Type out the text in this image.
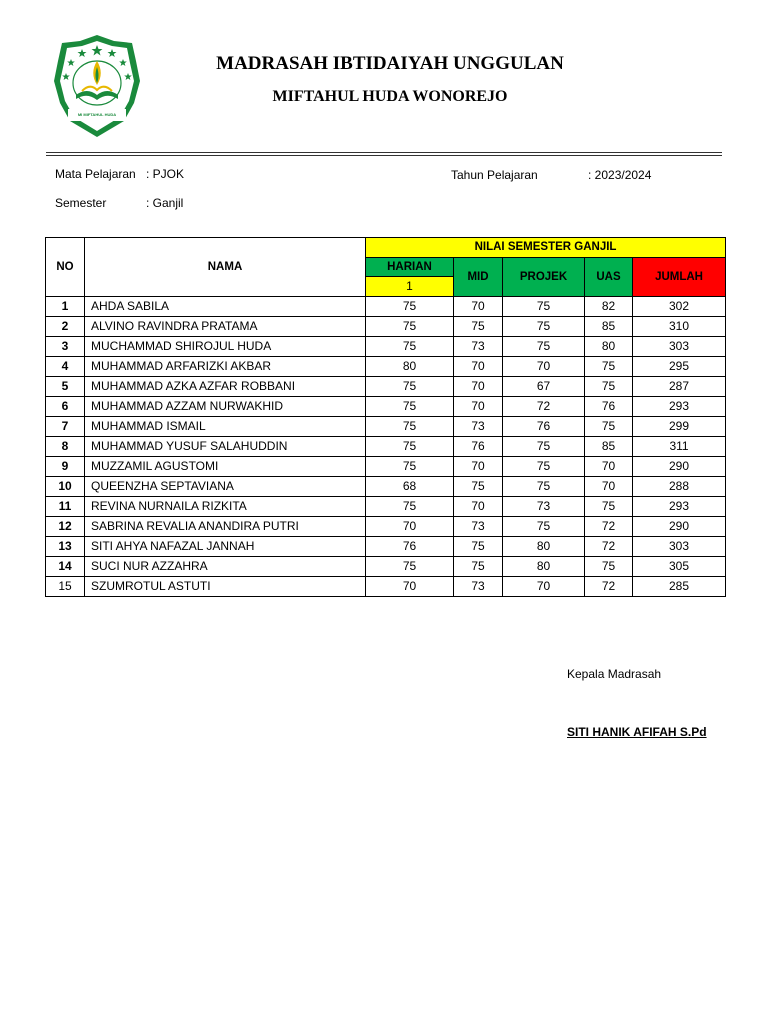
MI MIFTAHUL HUDA
MADRASAH IBTIDAIYAH UNGGULAN
MIFTAHUL HUDA WONOREJO
Mata Pelajaran : PJOK
Semester	: Ganjil
Tahun Pelajaran	: 2023/2024
NO	NAMA	NILAI SEMESTER GANJIL				
		HARIAN	MID	PROJEK	UAS	JUMLAH
		1				
1	AHDA SABILA	75	70	75	82	302
2	ALVINO RAVINDRA PRATAMA	75	75	75	85	310
3	MUCHAMMAD SHIROJUL HUDA	75	73	75	80	303
4	MUHAMMAD ARFARIZKI AKBAR	80	70	70	75	295
5	MUHAMMAD AZKA AZFAR ROBBANI	75	70	67	75	287
6	MUHAMMAD AZZAM NURWAKHID	75	70	72	76	293
7	MUHAMMAD ISMAIL	75	73	76	75	299
8	MUHAMMAD YUSUF SALAHUDDIN	75	76	75	85	311
9	MUZZAMIL AGUSTOMI	75	70	75	70	290
10	QUEENZHA SEPTAVIANA	68	75	75	70	288
11	REVINA NURNAILA RIZKITA	75	70	73	75	293
12	SABRINA REVALIA ANANDIRA PUTRI	70	73	75	72	290
13	SITI AHYA NAFAZAL JANNAH	76	75	80	72	303
14	SUCI NUR AZZAHRA	75	75	80	75	305
15	SZUMROTUL ASTUTI	70	73	70	72	285
Kepala Madrasah
SITI HANIK AFIFAH S.Pd
